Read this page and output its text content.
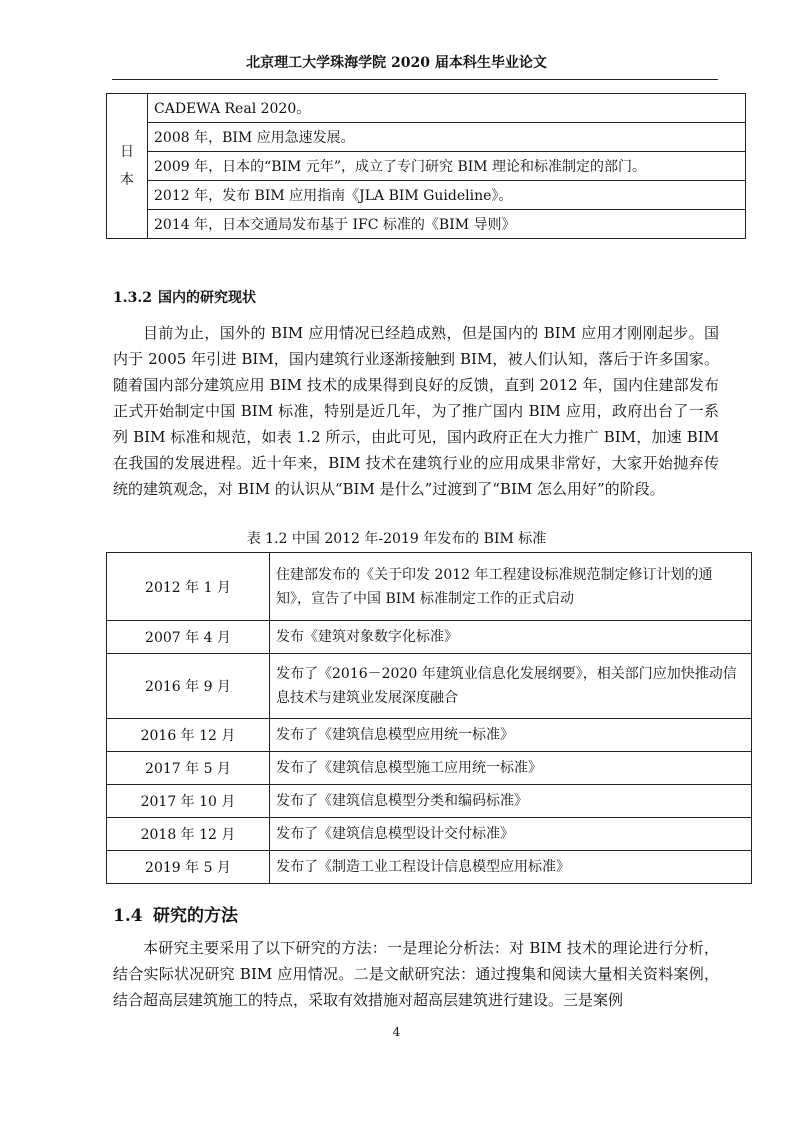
北京理工大学珠海学院 2020 届本科生毕业论文
日
本
	CADEWA Real 2020。
2008 年，BIM 应用急速发展。
2009 年，日本的“BIM 元年”，成立了专门研究 BIM 理论和标准制定的部门。
2012 年，发布 BIM 应用指南《JLA BIM Guideline》。
2014 年，日本交通局发布基于 IFC 标准的《BIM 导则》
1.3.2 国内的研究现状

目前为止，国外的 BIM 应用情况已经趋成熟，但是国内的 BIM 应用才刚刚起步。国内于 2005 年引进 BIM，国内建筑行业逐渐接触到 BIM，被人们认知，落后于许多国家。随着国内部分建筑应用 BIM 技术的成果得到良好的反馈，直到 2012 年，国内住建部发布正式开始制定中国 BIM 标准，特别是近几年，为了推广国内 BIM 应用，政府出台了一系列 BIM 标准和规范，如表 1.2 所示，由此可见，国内政府正在大力推广 BIM，加速 BIM 在我国的发展进程。近十年来，BIM 技术在建筑行业的应用成果非常好，大家开始抛弃传统的建筑观念，对 BIM 的认识从“BIM 是什么”过渡到了“BIM 怎么用好”的阶段。

表 1.2 中国 2012 年-2019 年发布的 BIM 标准
2012 年 1 月	住建部发布的《关于印发 2012 年工程建设标准规范制定修订计划的通知》，宣告了中国 BIM 标准制定工作的正式启动
2007 年 4 月	发布《建筑对象数字化标准》
2016 年 9 月	发布了《2016－2020 年建筑业信息化发展纲要》，相关部门应加快推动信息技术与建筑业发展深度融合
2016 年 12 月	发布了《建筑信息模型应用统一标准》
2017 年 5 月	发布了《建筑信息模型施工应用统一标准》
2017 年 10 月	发布了《建筑信息模型分类和编码标准》
2018 年 12 月	发布了《建筑信息模型设计交付标准》
2019 年 5 月	发布了《制造工业工程设计信息模型应用标准》
1.4 研究的方法

本研究主要采用了以下研究的方法：一是理论分析法：对 BIM 技术的理论进行分析，结合实际状况研究 BIM 应用情况。二是文献研究法：通过搜集和阅读大量相关资料案例，结合超高层建筑施工的特点，采取有效措施对超高层建筑进行建设。三是案例

4
